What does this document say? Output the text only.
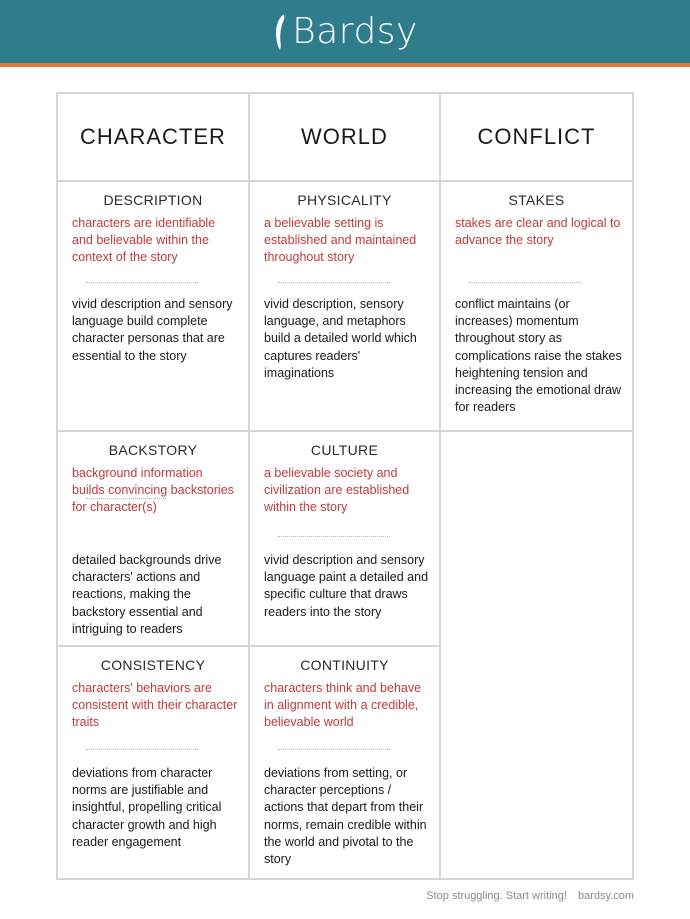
Bardsy
CHARACTER	WORLD	CONFLICT
DESCRIPTION
characters are identifiable and believable within the context of the story
vivid description and sensory language build complete character personas that are essential to the story
PHYSICALITY
a believable setting is established and maintained throughout story
vivid description, sensory language, and metaphors build a detailed world which captures readers' imaginations
STAKES
stakes are clear and logical to advance the story
conflict maintains (or increases) momentum throughout story as complications raise the stakes heightening tension and increasing the emotional draw for readers
BACKSTORY
background information builds convincing backstories for character(s)
detailed backgrounds drive characters' actions and reactions, making the backstory essential and intriguing to readers
CULTURE
a believable society and civilization are established within the story
vivid description and sensory language paint a detailed and specific culture that draws readers into the story
CONSISTENCY
characters' behaviors are consistent with their character traits
deviations from character norms are justifiable and insightful, propelling critical character growth and high reader engagement
CONTINUITY
characters think and behave in alignment with a credible, believable world
deviations from setting, or character perceptions / actions that depart from their norms, remain credible within the world and pivotal to the story
Stop struggling. Start writing! bardsy.com
